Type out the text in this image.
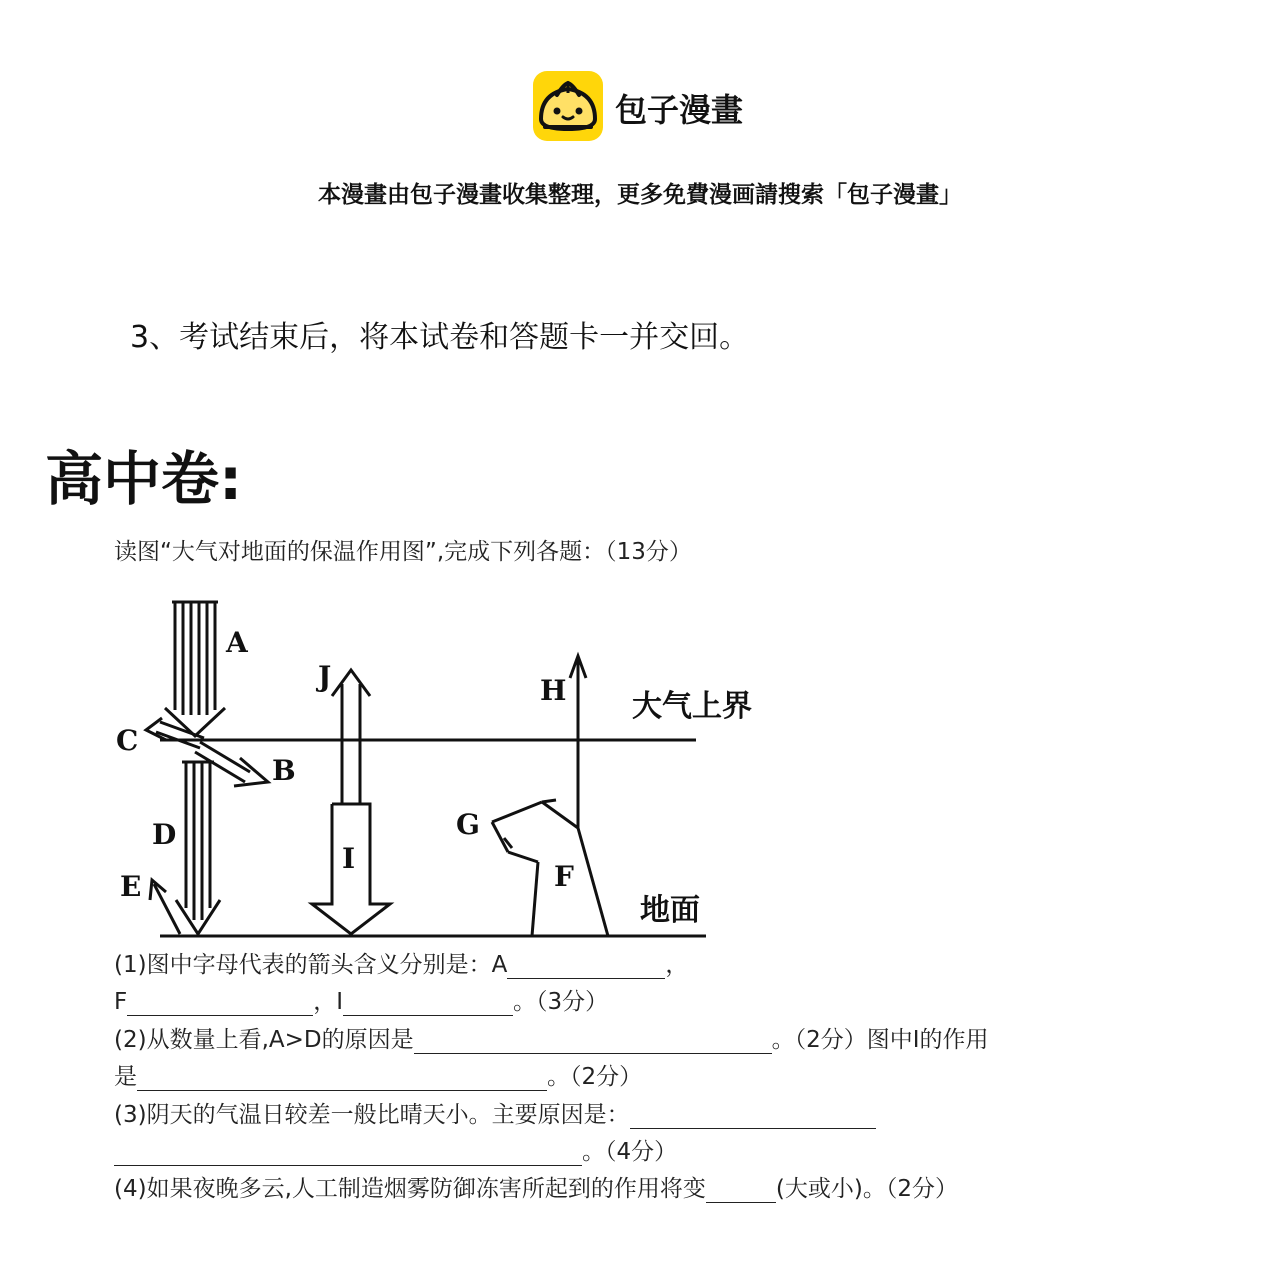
包子漫畫
本漫畫由包子漫畫收集整理，更多免費漫画請搜索「包子漫畫」
3、考试结束后，将本试卷和答题卡一并交回。
高中卷:
读图“大气对地面的保温作用图”,完成下列各题：（13分）
A
B
C
D
E	F
G
H
I
J
大气上界
地面
(1)图中字母代表的箭头含义分别是：A	，
F	，I	。（3分）
(2)从数量上看,A>D的原因是	。（2分）图中I的作用
是	。（2分）
(3)阴天的气温日较差一般比晴天小。主要原因是：
。（4分）
(4)如果夜晚多云,人工制造烟雾防御冻害所起到的作用将变	(大或小)。（2分）
